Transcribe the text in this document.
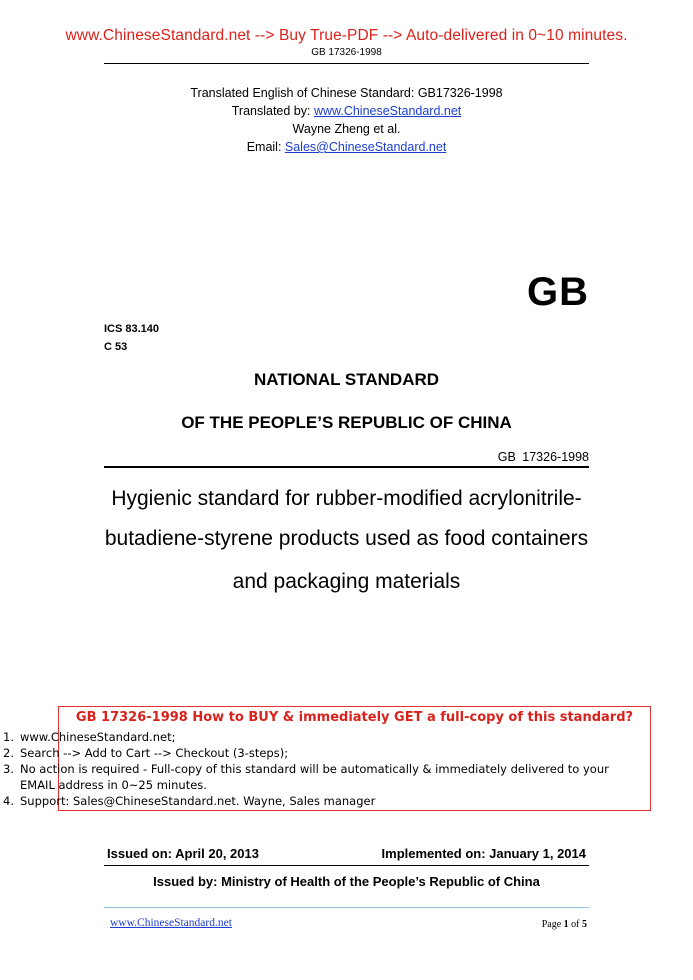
www.ChineseStandard.net --> Buy True-PDF --> Auto-delivered in 0~10 minutes.
GB 17326-1998
Translated English of Chinese Standard: GB17326-1998
Translated by: www.ChineseStandard.net
Wayne Zheng et al.
Email: Sales@ChineseStandard.net
GB
ICS 83.140
C 53
NATIONAL STANDARD
OF THE PEOPLE’S REPUBLIC OF CHINA
GB 17326-1998
Hygienic standard for rubber-modified acrylonitrile-
butadiene-styrene products used as food containers
and packaging materials
GB 17326-1998 How to BUY & immediately GET a full-copy of this standard?
1. www.ChineseStandard.net;
2. Search --> Add to Cart --> Checkout (3-steps);
3. No action is required - Full-copy of this standard will be automatically & immediately delivered to your EMAIL address in 0~25 minutes.
4. Support: Sales@ChineseStandard.net. Wayne, Sales manager
Issued on: April 20, 2013	Implemented on: January 1, 2014
Issued by: Ministry of Health of the People’s Republic of China
www.ChineseStandard.net	Page 1 of 5
